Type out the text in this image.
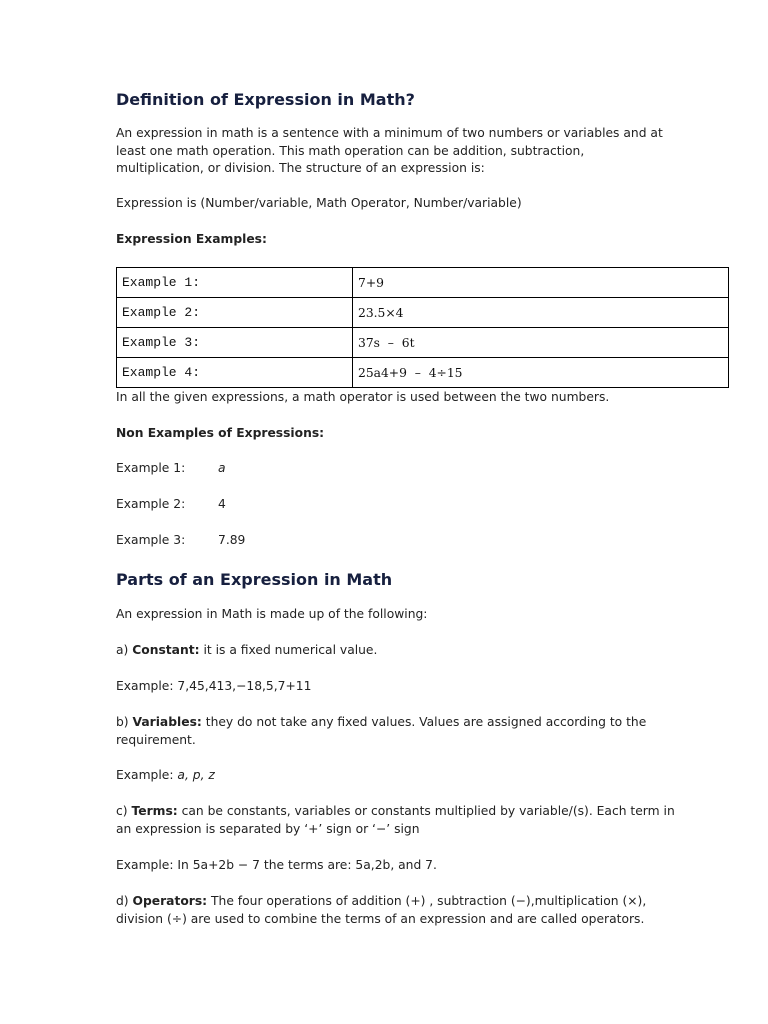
Definition of Expression in Math?
An expression in math is a sentence with a minimum of two numbers or variables and at
least one math operation. This math operation can be addition, subtraction,
multiplication, or division. The structure of an expression is:
Expression is (Number/variable, Math Operator, Number/variable)
Expression Examples:
Example 1:	7+9
Example 2:	23.5×4
Example 3:	37s  –  6t
Example 4:	25a4+9  –  4÷15
In all the given expressions, a math operator is used between the two numbers.
Non Examples of Expressions:
Example 1:	a
Example 2:	4
Example 3:	7.89
Parts of an Expression in Math
An expression in Math is made up of the following:
a) Constant: it is a fixed numerical value.
Example: 7,45,413,−18,5,7+11
b) Variables: they do not take any fixed values. Values are assigned according to the
requirement.
Example: a, p, z
c) Terms: can be constants, variables or constants multiplied by variable/(s). Each term in
an expression is separated by ‘+’ sign or ‘−’ sign
Example: In 5a+2b − 7 the terms are: 5a,2b, and 7.
d) Operators: The four operations of addition (+) , subtraction (−),multiplication (×),
division (÷) are used to combine the terms of an expression and are called operators.
